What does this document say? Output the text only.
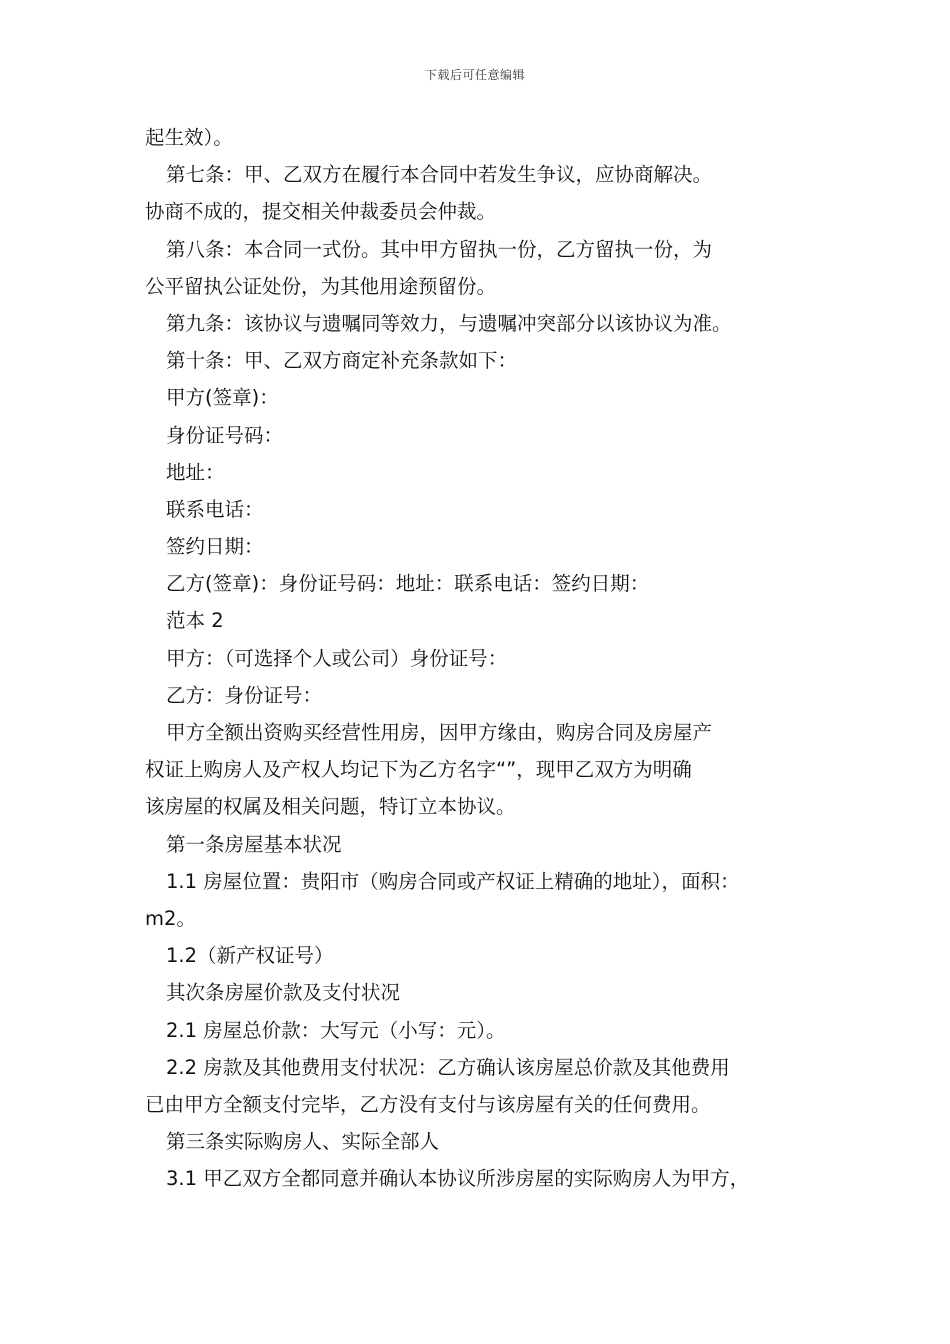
下载后可任意编辑
起生效）。
第七条：甲、乙双方在履行本合同中若发生争议，应协商解决。
协商不成的，提交相关仲裁委员会仲裁。
第八条：本合同一式份。其中甲方留执一份，乙方留执一份，为
公平留执公证处份，为其他用途预留份。
第九条：该协议与遗嘱同等效力，与遗嘱冲突部分以该协议为准。
第十条：甲、乙双方商定补充条款如下：
甲方(签章)：
身份证号码：
地址：
联系电话：
签约日期：
乙方(签章)：身份证号码：地址：联系电话：签约日期：
范本 2
甲方：（可选择个人或公司）身份证号：
乙方：身份证号：
甲方全额出资购买经营性用房，因甲方缘由，购房合同及房屋产
权证上购房人及产权人均记下为乙方名字“”，现甲乙双方为明确
该房屋的权属及相关问题，特订立本协议。
第一条房屋基本状况
1.1 房屋位置：贵阳市（购房合同或产权证上精确的地址），面积：
m2。
1.2（新产权证号）
其次条房屋价款及支付状况
2.1 房屋总价款：大写元（小写：元）。
2.2 房款及其他费用支付状况：乙方确认该房屋总价款及其他费用
已由甲方全额支付完毕，乙方没有支付与该房屋有关的任何费用。
第三条实际购房人、实际全部人
3.1 甲乙双方全都同意并确认本协议所涉房屋的实际购房人为甲方，
